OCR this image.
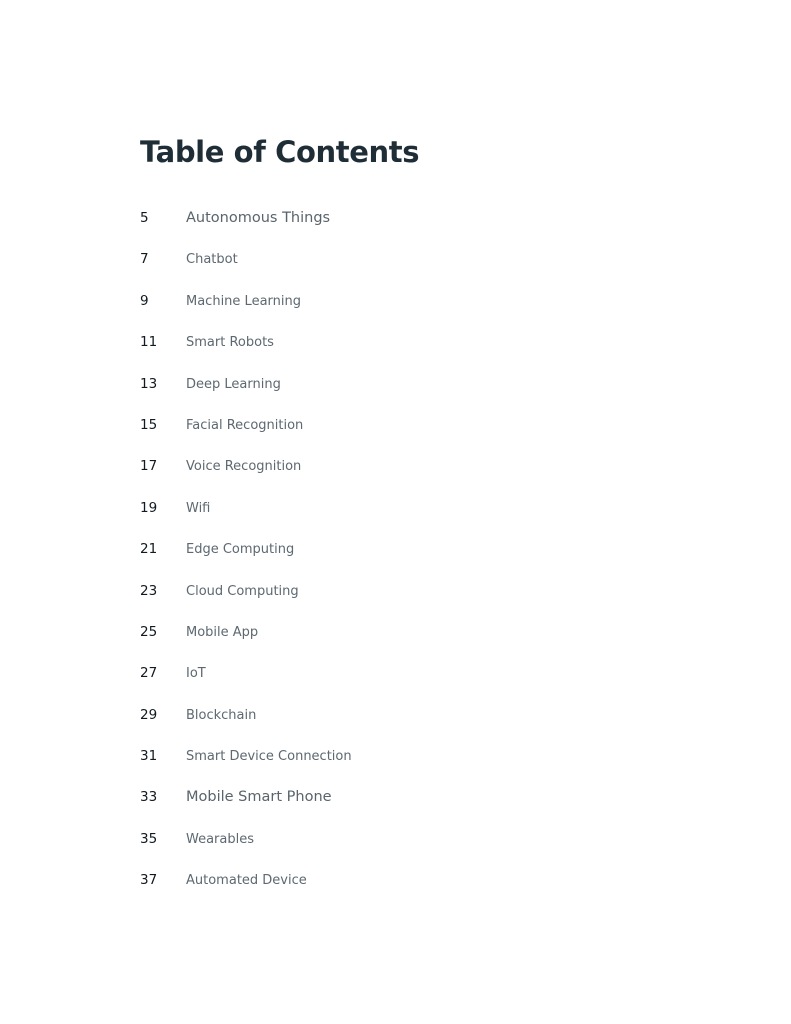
Table of Contents
5	Autonomous Things
7	Chatbot
9	Machine Learning
11	Smart Robots
13	Deep Learning
15	Facial Recognition
17	Voice Recognition
19	Wifi
21	Edge Computing
23	Cloud Computing
25	Mobile App
27	IoT
29	Blockchain
31	Smart Device Connection
33	Mobile Smart Phone
35	Wearables
37	Automated Device
